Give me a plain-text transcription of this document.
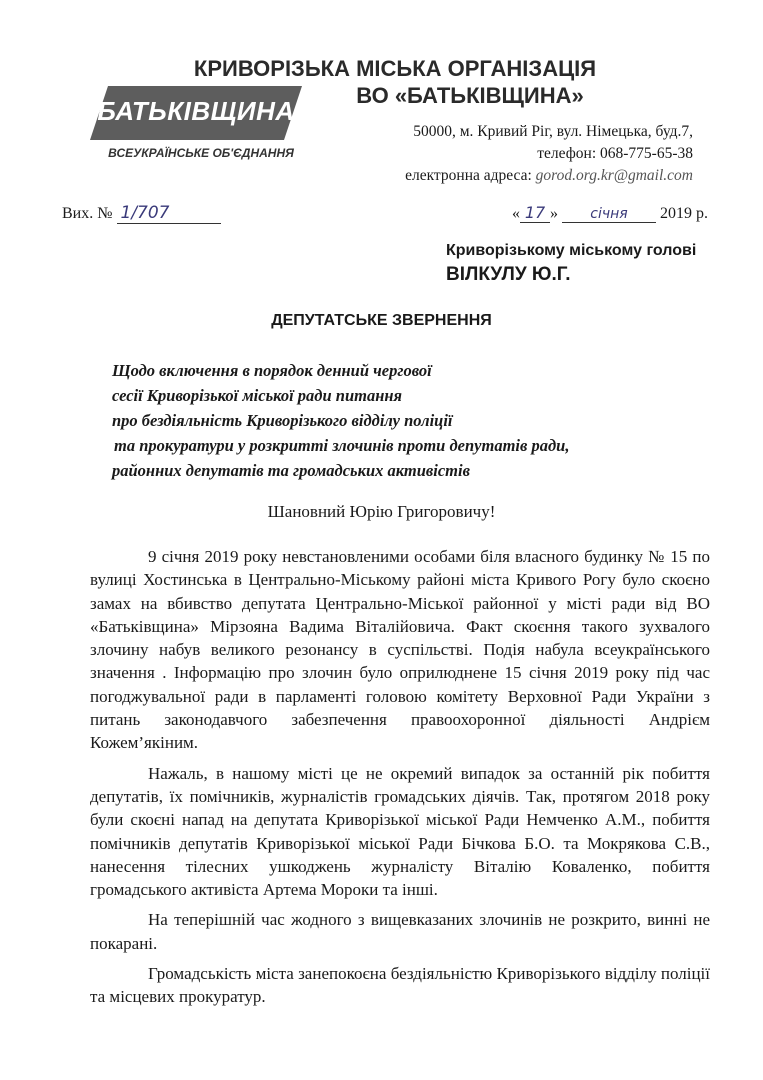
КРИВОРІЗЬКА МІСЬКА ОРГАНІЗАЦІЯ
ВО «БАТЬКІВЩИНА»
БАТЬКІВЩИНА
ВСЕУКРАЇНСЬКЕ ОБ'ЄДНАННЯ
50000, м. Кривий Ріг, вул. Німецька, буд.7,
телефон: 068-775-65-38
електронна адреса: gorod.org.kr@gmail.com
Вих. № 1/707	« 17 » січня 2019 р.
Криворізькому міському голові
ВІЛКУЛУ Ю.Г.
ДЕПУТАТСЬКЕ ЗВЕРНЕННЯ
Щодо включення в порядок денний чергової
сесії Криворізької міської ради питання
про бездіяльність Криворізького відділу поліції
та прокуратури у розкритті злочинів проти депутатів ради,
районних депутатів та громадських активістів
Шановний Юрію Григоровичу!

9 січня 2019 року невстановленими особами біля власного будинку № 15 по вулиці Хостинська в Центрально-Міському районі міста Кривого Рогу було скоєно замах на вбивство депутата Центрально-Міської районної у місті ради від ВО «Батьківщина» Мірзояна Вадима Віталійовича. Факт скоєння такого зухвалого злочину набув великого резонансу в суспільстві. Подія набула всеукраїнського значення . Інформацію про злочин було оприлюднене 15 січня 2019 року під час погоджувальної ради в парламенті головою комітету Верховної Ради України з питань законодавчого забезпечення правоохоронної діяльності Андрієм Кожем’якіним.

Нажаль, в нашому місті це не окремий випадок за останній рік побиття депутатів, їх помічників, журналістів громадських діячів. Так, протягом 2018 року були скоєні напад на депутата Криворізької міської Ради Немченко А.М., побиття помічників депутатів Криворізької міської Ради Бічкова Б.О. та Мокрякова С.В., нанесення тілесних ушкоджень журналісту Віталію Коваленко, побиття громадського активіста Артема Мороки та інші.

На теперішній час жодного з вищевказаних злочинів не розкрито, винні не покарані.

Громадськість міста занепокоєна бездіяльністю Криворізького відділу поліції та місцевих прокуратур.
